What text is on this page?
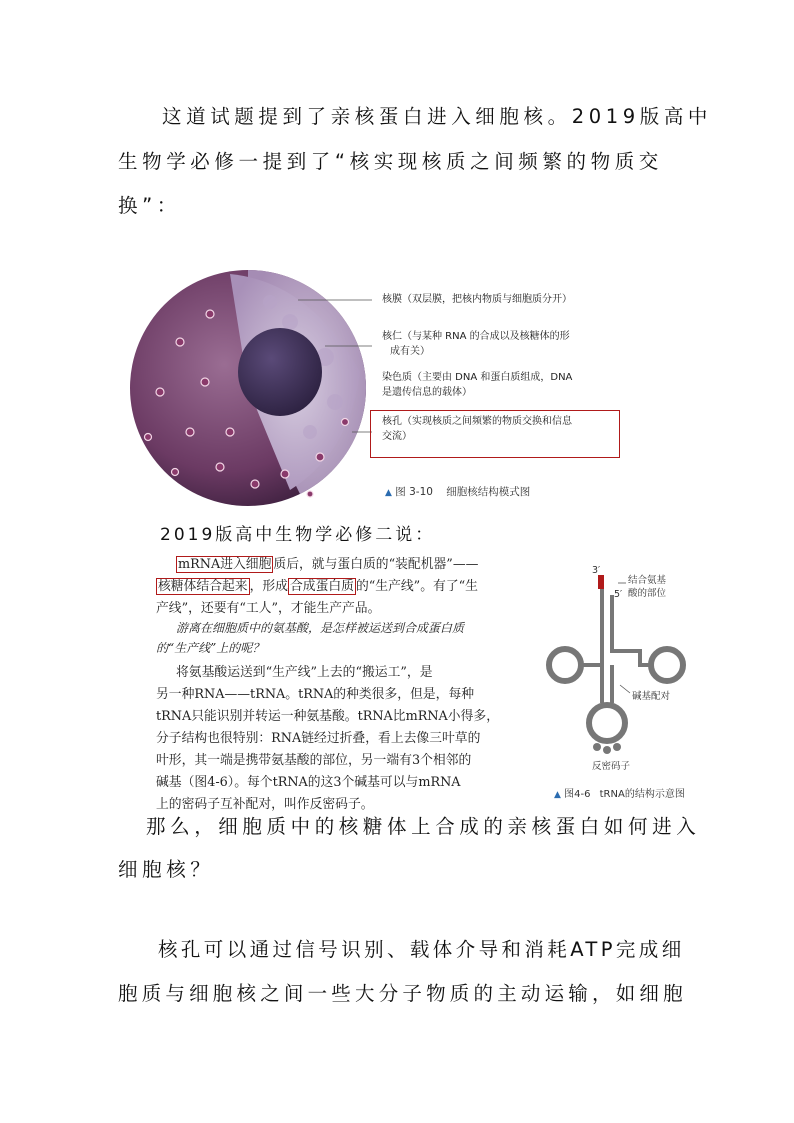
这道试题提到了亲核蛋白进入细胞核。2019版高中
生物学必修一提到了“核实现核质之间频繁的物质交
换”：
核膜（双层膜，把核内物质与细胞质分开）
核仁（与某种 RNA 的合成以及核糖体的形
成有关）
染色质（主要由 DNA 和蛋白质组成，DNA
是遗传信息的载体）
核孔（实现核质之间频繁的物质交换和信息
交流）
▲ 图 3-10 细胞核结构模式图
2019版高中生物学必修二说：
mRNA进入细胞 质后，就与蛋白质的“装配机器”——
核糖体结合起来 ，形成 合成蛋白质 的“生产线”。有了“生
产线”，还要有“工人”，才能生产产品。
游离在细胞质中的氨基酸，是怎样被运送到合成蛋白质
的“生产线”上的呢？
将氨基酸运送到“生产线”上去的“搬运工”，是
另一种RNA——tRNA。tRNA的种类很多，但是，每种
tRNA只能识别并转运一种氨基酸。tRNA比mRNA小得多，
分子结构也很特别：RNA链经过折叠，看上去像三叶草的
叶形，其一端是携带氨基酸的部位，另一端有3个相邻的
碱基（图4-6）。每个tRNA的这3个碱基可以与mRNA
上的密码子互补配对，叫作反密码子。
3′
5′
结合氨基
酸的部位
碱基配对
反密码子
▲ 图4-6 tRNA的结构示意图
那么，细胞质中的核糖体上合成的亲核蛋白如何进入
细胞核？
核孔可以通过信号识别、载体介导和消耗ATP完成细
胞质与细胞核之间一些大分子物质的主动运输，如细胞
